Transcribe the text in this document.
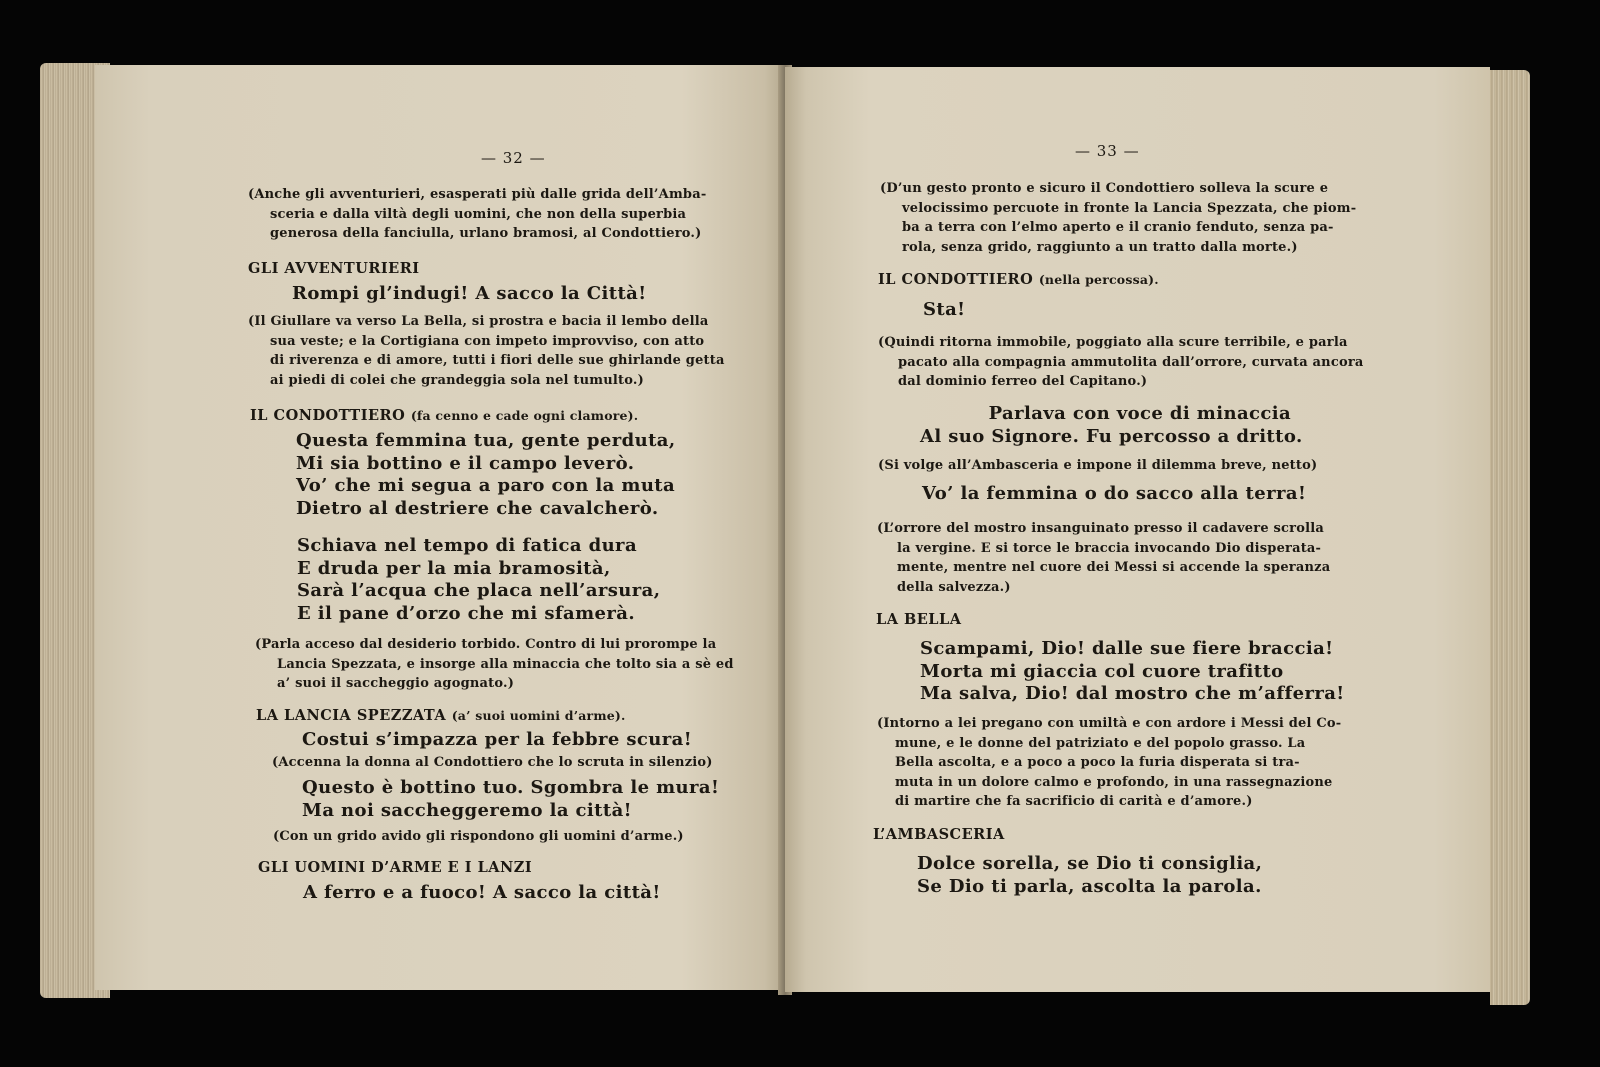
— 32 —
(Anche gli avventurieri, esasperati più dalle grida dell’Amba-
sceria e dalla viltà degli uomini, che non della superbia
generosa della fanciulla, urlano bramosi, al Condottiero.)
GLI AVVENTURIERI
Rompi gl’indugi! A sacco la Città!
(Il Giullare va verso La Bella, si prostra e bacia il lembo della
sua veste; e la Cortigiana con impeto improvviso, con atto
di riverenza e di amore, tutti i fiori delle sue ghirlande getta
ai piedi di colei che grandeggia sola nel tumulto.)
IL CONDOTTIERO (fa cenno e cade ogni clamore).
Questa femmina tua, gente perduta,
Mi sia bottino e il campo leverò.
Vo’ che mi segua a paro con la muta
Dietro al destriere che cavalcherò.
Schiava nel tempo di fatica dura
E druda per la mia bramosità,
Sarà l’acqua che placa nell’arsura,
E il pane d’orzo che mi sfamerà.
(Parla acceso dal desiderio torbido. Contro di lui prorompe la
Lancia Spezzata, e insorge alla minaccia che tolto sia a sè ed
a’ suoi il saccheggio agognato.)
LA LANCIA SPEZZATA (a’ suoi uomini d’arme).
Costui s’impazza per la febbre scura!
(Accenna la donna al Condottiero che lo scruta in silenzio)
Questo è bottino tuo. Sgombra le mura!
Ma noi saccheggeremo la città!
(Con un grido avido gli rispondono gli uomini d’arme.)
GLI UOMINI D’ARME E I LANZI
A ferro e a fuoco! A sacco la città!
— 33 —
(D’un gesto pronto e sicuro il Condottiero solleva la scure e
velocissimo percuote in fronte la Lancia Spezzata, che piom-
ba a terra con l’elmo aperto e il cranio fenduto, senza pa-
rola, senza grido, raggiunto a un tratto dalla morte.)
IL CONDOTTIERO (nella percossa).
Sta!
(Quindi ritorna immobile, poggiato alla scure terribile, e parla
pacato alla compagnia ammutolita dall’orrore, curvata ancora
dal dominio ferreo del Capitano.)
Parlava con voce di minaccia
Al suo Signore. Fu percosso a dritto.
(Si volge all’Ambasceria e impone il dilemma breve, netto)
Vo’ la femmina o do sacco alla terra!
(L’orrore del mostro insanguinato presso il cadavere scrolla
la vergine. E si torce le braccia invocando Dio disperata-
mente, mentre nel cuore dei Messi si accende la speranza
della salvezza.)
LA BELLA
Scampami, Dio! dalle sue fiere braccia!
Morta mi giaccia col cuore trafitto
Ma salva, Dio! dal mostro che m’afferra!
(Intorno a lei pregano con umiltà e con ardore i Messi del Co-
mune, e le donne del patriziato e del popolo grasso. La
Bella ascolta, e a poco a poco la furia disperata si tra-
muta in un dolore calmo e profondo, in una rassegnazione
di martire che fa sacrificio di carità e d’amore.)
L’AMBASCERIA
Dolce sorella, se Dio ti consiglia,
Se Dio ti parla, ascolta la parola.
